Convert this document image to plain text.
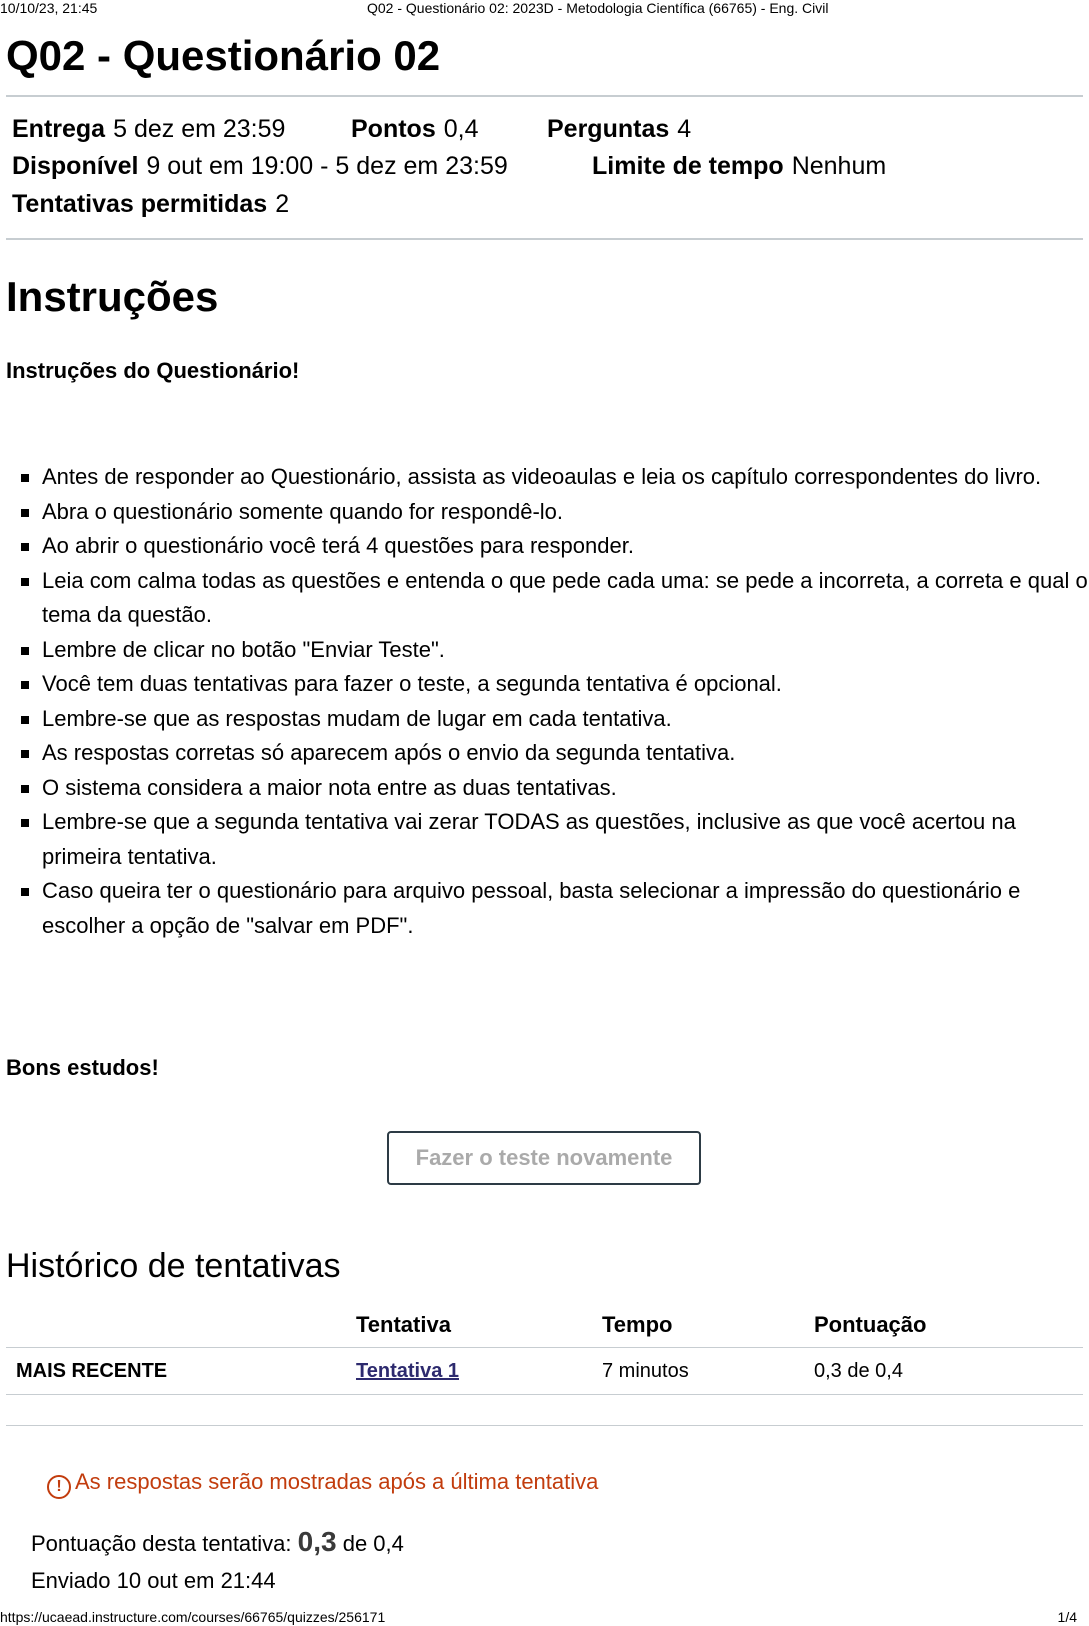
10/10/23, 21:45	Q02 - Questionário 02: 2023D - Metodologia Científica (66765) - Eng. Civil
Q02 - Questionário 02
Entrega 5 dez em 23:59	Pontos 0,4	Perguntas 4
Disponível 9 out em 19:00 - 5 dez em 23:59	Limite de tempo Nenhum
Tentativas permitidas 2
Instruções

Instruções do Questionário!

Antes de responder ao Questionário, assista as videoaulas e leia os capítulo correspondentes do livro.
Abra o questionário somente quando for respondê-lo.
Ao abrir o questionário você terá 4 questões para responder.
Leia com calma todas as questões e entenda o que pede cada uma: se pede a incorreta, a correta e qual o tema da questão.
Lembre de clicar no botão "Enviar Teste".
Você tem duas tentativas para fazer o teste, a segunda tentativa é opcional.
Lembre-se que as respostas mudam de lugar em cada tentativa.
As respostas corretas só aparecem após o envio da segunda tentativa.
O sistema considera a maior nota entre as duas tentativas.
Lembre-se que a segunda tentativa vai zerar TODAS as questões, inclusive as que você acertou na primeira tentativa.
Caso queira ter o questionário para arquivo pessoal, basta selecionar a impressão do questionário e escolher a opção de "salvar em PDF".

Bons estudos!

Fazer o teste novamente
Histórico de tentativas
	Tentativa	Tempo	Pontuação
MAIS RECENTE	Tentativa 1	7 minutos	0,3 de 0,4
! As respostas serão mostradas após a última tentativa
Pontuação desta tentativa: 0,3 de 0,4
Enviado 10 out em 21:44
https://ucaead.instructure.com/courses/66765/quizzes/256171	1/4
